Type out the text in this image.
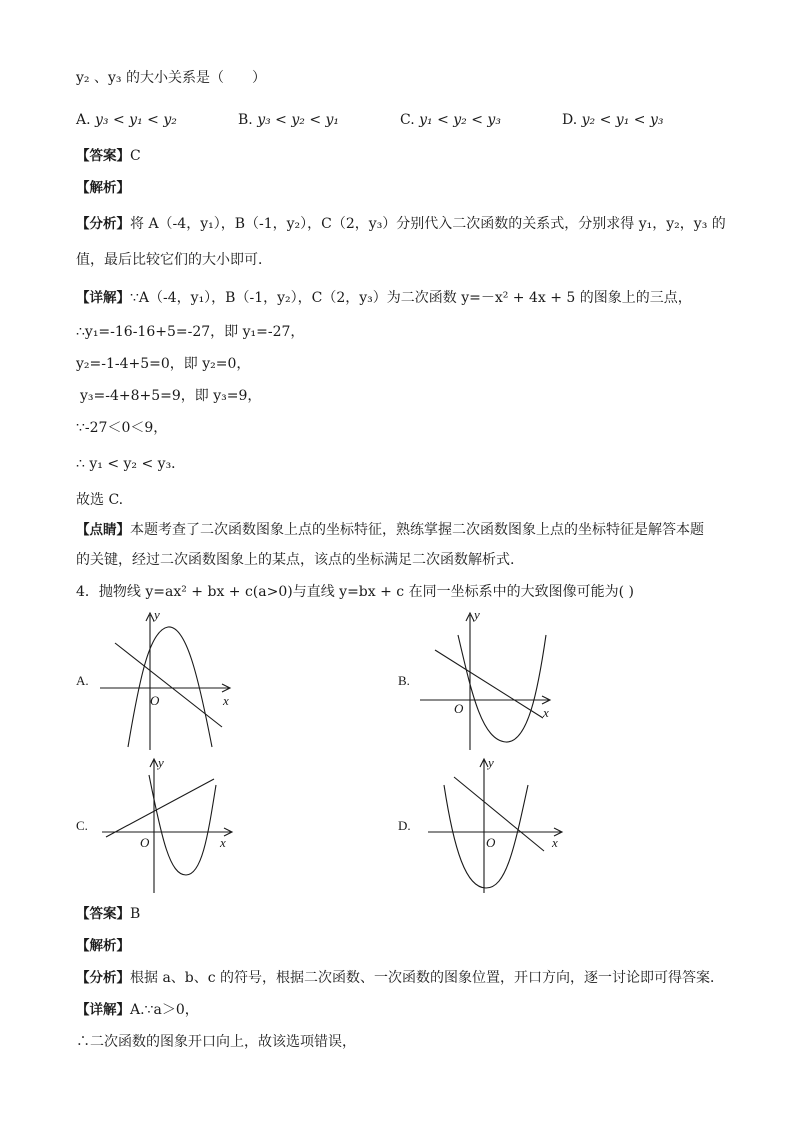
y₂ 、y₃ 的大小关系是（　　）
A. y₃ < y₁ < y₂	B. y₃ < y₂ < y₁	C. y₁ < y₂ < y₃	D. y₂ < y₁ < y₃
【答案】C
【解析】
【分析】将 A（-4，y₁），B（-1，y₂），C（2，y₃）分别代入二次函数的关系式，分别求得 y₁，y₂，y₃ 的
值，最后比较它们的大小即可．
【详解】∵A（-4，y₁），B（-1，y₂），C（2，y₃）为二次函数 y=－x² + 4x + 5 的图象上的三点，
∴y₁=-16-16+5=-27，即 y₁=-27，
y₂=-1-4+5=0，即 y₂=0，
y₃=-4+8+5=9，即 y₃=9，
∵-27＜0＜9，
∴ y₁ < y₂ < y₃．
故选 C.
【点睛】本题考查了二次函数图象上点的坐标特征，熟练掌握二次函数图象上点的坐标特征是解答本题
的关键，经过二次函数图象上的某点，该点的坐标满足二次函数解析式.
4．抛物线 y=ax² + bx + c(a>0)与直线 y=bx + c 在同一坐标系中的大致图像可能为( )
A.
y
x
O
B.
y
x
O
C.
y
x
O
D.
y
x
O
【答案】B
【解析】
【分析】根据 a、b、c 的符号，根据二次函数、一次函数的图象位置，开口方向，逐一讨论即可得答案．
【详解】A.∵a＞0，
∴二次函数的图象开口向上，故该选项错误，
